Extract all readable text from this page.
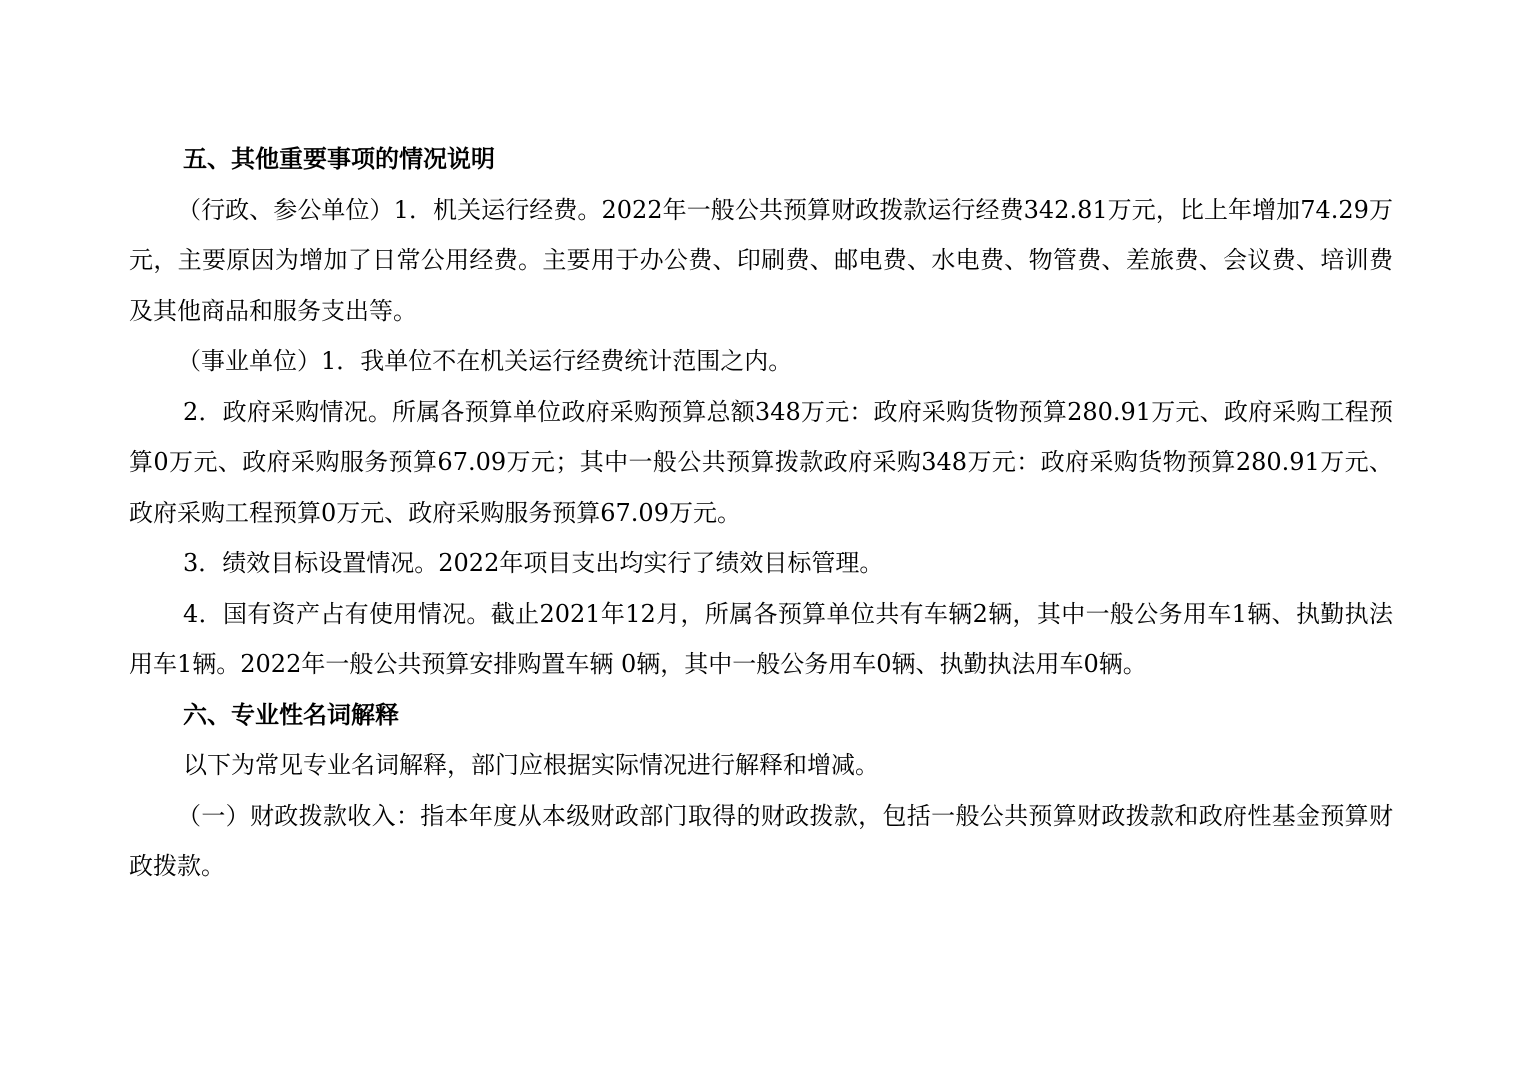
五、其他重要事项的情况说明

（行政、参公单位）1．机关运行经费。2022年一般公共预算财政拨款运行经费342.81万元，比上年增加74.29万元，主要原因为增加了日常公用经费。主要用于办公费、印刷费、邮电费、水电费、物管费、差旅费、会议费、培训费及其他商品和服务支出等。

（事业单位）1．我单位不在机关运行经费统计范围之内。

2．政府采购情况。所属各预算单位政府采购预算总额348万元：政府采购货物预算280.91万元、政府采购工程预算0万元、政府采购服务预算67.09万元；其中一般公共预算拨款政府采购348万元：政府采购货物预算280.91万元、政府采购工程预算0万元、政府采购服务预算67.09万元。

3．绩效目标设置情况。2022年项目支出均实行了绩效目标管理。

4．国有资产占有使用情况。截止2021年12月，所属各预算单位共有车辆2辆，其中一般公务用车1辆、执勤执法用车1辆。2022年一般公共预算安排购置车辆 0辆，其中一般公务用车0辆、执勤执法用车0辆。

六、专业性名词解释

以下为常见专业名词解释，部门应根据实际情况进行解释和增减。

（一）财政拨款收入：指本年度从本级财政部门取得的财政拨款，包括一般公共预算财政拨款和政府性基金预算财政拨款。
